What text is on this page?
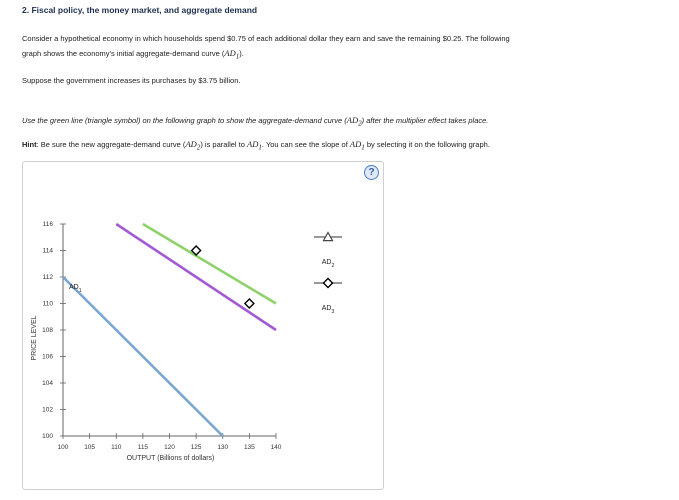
2. Fiscal policy, the money market, and aggregate demand
Consider a hypothetical economy in which households spend $0.75 of each additional dollar they earn and save the remaining $0.25. The following
graph shows the economy's initial aggregate-demand curve $(AD_1)$.
Suppose the government increases its purchases by $3.75 billion.
Use the green line (triangle symbol) on the following graph to show the aggregate-demand curve $(AD_2)$ after the multiplier effect takes place.
Hint: Be sure the new aggregate-demand curve $(AD_2)$ is parallel to $AD_1$. You can see the slope of $AD_1$ by selecting it on the following graph.
?
100
102
104
106
108
110
112
114
116
100 105 110	115 120 125 130 135 140
OUTPUT (Billions of dollars)
PRICE LEVEL
$AD_1$
$AD_2$
$AD_3$
